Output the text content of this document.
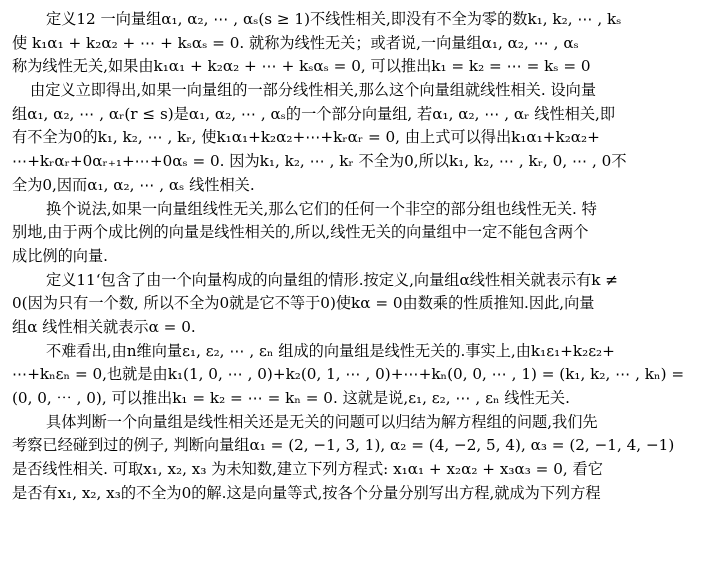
定义12 一向量组α₁, α₂, ⋯ , αₛ(s ≥ 1)不线性相关,即没有不全为零的数k₁, k₂, ⋯ , kₛ
使 k₁α₁ + k₂α₂ + ⋯ + kₛαₛ = 0. 就称为线性无关；或者说,一向量组α₁, α₂, ⋯ , αₛ
称为线性无关,如果由k₁α₁ + k₂α₂ + ⋯ + kₛαₛ = 0, 可以推出k₁ = k₂ = ⋯ = kₛ = 0
由定义立即得出,如果一向量组的一部分线性相关,那么这个向量组就线性相关. 设向量
组α₁, α₂, ⋯ , αᵣ(r ≤ s)是α₁, α₂, ⋯ , αₛ的一个部分向量组, 若α₁, α₂, ⋯ , αᵣ 线性相关,即
有不全为0的k₁, k₂, ⋯ , kᵣ, 使k₁α₁+k₂α₂+⋯+kᵣαᵣ = 0, 由上式可以得出k₁α₁+k₂α₂+
⋯+kᵣαᵣ+0αᵣ₊₁+⋯+0αₛ = 0. 因为k₁, k₂, ⋯ , kᵣ 不全为0,所以k₁, k₂, ⋯ , kᵣ, 0, ⋯ , 0不
全为0,因而α₁, α₂, ⋯ , αₛ 线性相关.
换个说法,如果一向量组线性无关,那么它们的任何一个非空的部分组也线性无关. 特
别地,由于两个成比例的向量是线性相关的,所以,线性无关的向量组中一定不能包含两个
成比例的向量.
定义11‘包含了由一个向量构成的向量组的情形.按定义,向量组α线性相关就表示有k ≠
0(因为只有一个数, 所以不全为0就是它不等于0)使kα = 0由数乘的性质推知.因此,向量
组α 线性相关就表示α = 0.
不难看出,由n维向量ε₁, ε₂, ⋯ , εₙ 组成的向量组是线性无关的.事实上,由k₁ε₁+k₂ε₂+
⋯+kₙεₙ = 0,也就是由k₁(1, 0, ⋯ , 0)+k₂(0, 1, ⋯ , 0)+⋯+kₙ(0, 0, ⋯ , 1) = (k₁, k₂, ⋯ , kₙ) =
(0, 0, ⋯ , 0), 可以推出k₁ = k₂ = ⋯ = kₙ = 0. 这就是说,ε₁, ε₂, ⋯ , εₙ 线性无关.
具体判断一个向量组是线性相关还是无关的问题可以归结为解方程组的问题,我们先
考察已经碰到过的例子, 判断向量组α₁ = (2, −1, 3, 1), α₂ = (4, −2, 5, 4), α₃ = (2, −1, 4, −1)
是否线性相关. 可取x₁, x₂, x₃ 为未知数,建立下列方程式: x₁α₁ + x₂α₂ + x₃α₃ = 0, 看它
是否有x₁, x₂, x₃的不全为0的解.这是向量等式,按各个分量分别写出方程,就成为下列方程
